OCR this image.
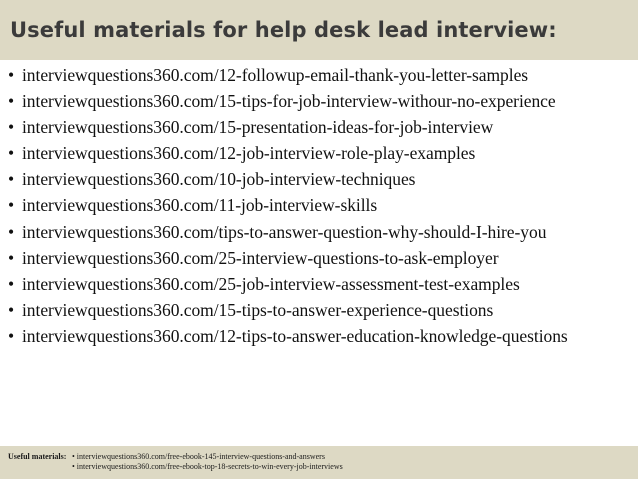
Useful materials for help desk lead interview:
• interviewquestions360.com/12-followup-email-thank-you-letter-samples
• interviewquestions360.com/15-tips-for-job-interview-withour-no-experience
• interviewquestions360.com/15-presentation-ideas-for-job-interview
• interviewquestions360.com/12-job-interview-role-play-examples
• interviewquestions360.com/10-job-interview-techniques
• interviewquestions360.com/11-job-interview-skills
• interviewquestions360.com/tips-to-answer-question-why-should-I-hire-you
• interviewquestions360.com/25-interview-questions-to-ask-employer
• interviewquestions360.com/25-job-interview-assessment-test-examples
• interviewquestions360.com/15-tips-to-answer-experience-questions
• interviewquestions360.com/12-tips-to-answer-education-knowledge-questions
Useful materials: • interviewquestions360.com/free-ebook-145-interview-questions-and-answers
• interviewquestions360.com/free-ebook-top-18-secrets-to-win-every-job-interviews
